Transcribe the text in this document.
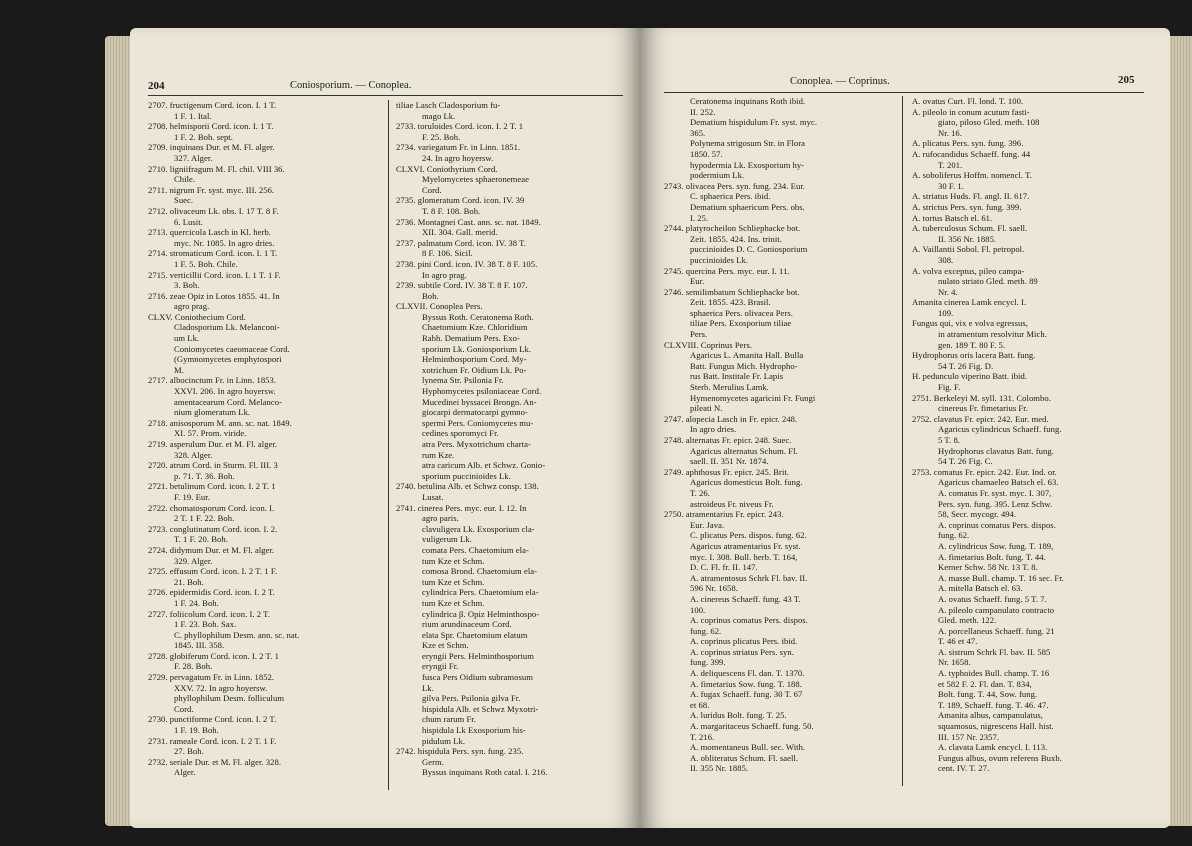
204	Coniosporium. — Conoplea.

2707. fructigenum Cord. icon. I. 1 T.

1 F. 1. Ital.

2708. helmisporii Cord. icon. I. 1 T.

1 F. 2. Boh. sept.

2709. inquinans Dur. et M. Fl. alger.

327. Alger.

2710. ligniifragum M. Fl. chil. VIII 36.

Chile.

2711. nigrum Fr. syst. myc. III. 256.

Suec.

2712. olivaceum Lk. obs. I. 17 T. 8 F.

6. Lusit.

2713. quercicola Lasch in Kl. herb.

myc. Nr. 1085. In agro dries.

2714. stromaticum Cord. icon. I. 1 T.

1 F. 5. Boh. Chile.

2715. verticillii Cord. icon. I. 1 T. 1 F.

3. Boh.

2716. zeae Opiz in Lotos 1855. 41. In

agro prag.

CLXV. Coniothecium Cord.

Cladosporium Lk. Melanconi-

um Lk.

Coniomycetes caeomaceae Cord.

(Gymnomycetes emphytospori

M.

2717. albocinctum Fr. in Linn. 1853.

XXVI. 206. In agro hoyersw.

amentacearum Cord. Melanco-

nium glomeratum Lk.

2718. anisosporum M. ann. sc. nat. 1849.

XI. 57. Prom. viride.

2719. asperulum Dur. et M. Fl. alger.

328. Alger.

2720. atrum Cord. in Sturm. Fl. III. 3

p. 71. T. 36. Boh.

2721. betulinum Cord. icon. I. 2 T. 1

F. 19. Eur.

2722. chomatosporum Cord. icon. I.

2 T. 1 F. 22. Boh.

2723. conglutinatum Cord. icon. I. 2.

T. 1 F. 20. Boh.

2724. didymum Dur. et M. Fl. alger.

329. Alger.

2725. effusum Cord. icon. I. 2 T. 1 F.

21. Boh.

2726. epidermidis Cord. icon. I. 2 T.

1 F. 24. Boh.

2727. foliicolum Cord. icon. I. 2 T.

1 F. 23. Boh. Sax.

C. phyllophilum Desm. ann. sc. nat.

1845. III. 358.

2728. globiferum Cord. icon. I. 2 T. 1

F. 28. Boh.

2729. pervagatum Fr. in Linn. 1852.

XXV. 72. In agro hoyersw.

phyllophilum Desm. folliculum

Cord.

2730. punctiforme Cord. icon. I. 2 T.

1 F. 19. Boh.

2731. rameale Cord. icon. I. 2 T. 1 F.

27. Boh.

2732. seriale Dur. et M. Fl. alger. 328.

Alger.

tiliae Lasch Cladosporium fu-

mago Lk.

2733. toruloides Cord. icon. I. 2 T. 1

F. 25. Boh.

2734. variegatum Fr. in Linn. 1851.

24. In agro hoyersw.

CLXVI. Coniothyrium Cord.

Myelomycetes sphaeronemeae

Cord.

2735. glomeratum Cord. icon. IV. 39

T. 8 F. 108. Boh.

2736. Montagnei Cast. ann. sc. nat. 1849.

XII. 304. Gall. merid.

2737. palmatum Cord. icon. IV. 38 T.

8 F. 106. Sicil.

2738. pini Cord. icon. IV. 38 T. 8 F. 105.

In agro prag.

2739. subtile Cord. IV. 38 T. 8 F. 107.

Boh.

CLXVII. Conoplea Pers.

Byssus Roth. Ceratonema Roth.

Chaetomium Kze. Chloridium

Rabh. Dematium Pers. Exo-

sporium Lk. Goniosporium Lk.

Helminthosporium Cord. My-

xotrichum Fr. Oidium Lk. Po-

lynema Str. Psilonia Fr.

Hyphomycetes psiloniaceae Cord.

Mucedinei byssacei Brongn. An-

giocarpi dermatocarpi gymno-

spermi Pers. Coniomycetes mu-

cedines sporomyci Fr.

atra Pers. Myxotrichum charta-

rum Kze.

atra caricum Alb. et Schwz. Gonio-

sporium puccinioides Lk.

2740. betulina Alb. et Schwz consp. 138.

Lusat.

2741. cinerea Pers. myc. eur. I. 12. In

agro paris.

clavuligera Lk. Exosporium cla-

vuligerum Lk.

comata Pers. Chaetomium ela-

tum Kze et Schm.

comosa Brond. Chaetomium ela-

tum Kze et Schm.

cylindrica Pers. Chaetomium ela-

tum Kze et Schm.

cylindrica β. Opiz Helminthospo-

rium arundinaceum Cord.

elata Spr. Chaetomium elatum

Kze et Schm.

eryngii Pers. Helminthosporium

eryngii Fr.

fusca Pers Oidium subramosum

Lk.

gilva Pers. Psilonia gilva Fr.

hispidula Alb. et Schwz Myxotri-

chum rarum Fr.

hispidula Lk Exosporium his-

pidulum Lk.

2742. hispidula Pers. syn. fung. 235.

Germ.

Byssus inquinans Roth catal. I. 216.

Conoplea. — Coprinus.	205

Ceratonema inquinans Roth ibid.

II. 252.

Dematium hispidulum Fr. syst. myc.

365.

Polynema strigosum Str. in Flora

1850. 57.

hypodermia Lk. Exosporium hy-

podermium Lk.

2743. olivacea Pers. syn. fung. 234. Eur.

C. sphaerica Pers. ibid.

Dematium sphaericum Pers. obs.

I. 25.

2744. platyrocheilon Schliephacke bot.

Zeit. 1855. 424. Ins. trinit.

puccinioides D. C. Goniosporium

puccinioides Lk.

2745. quercina Pers. myc. eur. I. 11.

Eur.

2746. semilimbatum Schliephacke bot.

Zeit. 1855. 423. Brasil.

sphaerica Pers. olivacea Pers.

tiliae Pers. Exosporium tiliae

Pers.

CLXVIII. Coprinus Pers.

Agaricus L. Amanita Hall. Bulla

Batt. Fungus Mich. Hydropho-

rus Batt. Institale Fr. Lapis

Sterb. Merulius Lamk.

Hymenomycetes agaricini Fr. Fungi

pileati N.

2747. alopecia Lasch in Fr. epicr. 248.

In agro dries.

2748. alternatus Fr. epicr. 248. Suec.

Agaricus alternatus Schum. Fl.

saell. II. 351 Nr. 1874.

2749. aphthosus Fr. epicr. 245. Brit.

Agaricus domesticus Bolt. fung.

T. 26.

astroideus Fr. niveus Fr.

2750. atramentarius Fr. epicr. 243.

Eur. Java.

C. plicatus Pers. dispos. fung. 62.

Agaricus atramentarius Fr. syst.

myc. I. 308. Bull. herb. T. 164,

D. C. Fl. fr. II. 147.

A. atramentosus Schrk Fl. bav. II.

596 Nr. 1658.

A. cinereus Schaeff. fung. 43 T.

100.

A. coprinus comatus Pers. dispos.

fung. 62.

A. coprinus plicatus Pers. ibid.

A. coprinus striatus Pers. syn.

fung. 399.

A. deliquescens Fl. dan. T. 1370.

A. fimetarius Sow. fung. T. 188.

A. fugax Schaeff. fung. 30 T. 67

et 68.

A. luridus Bolt. fung. T. 25.

A. margaritaceus Schaeff. fung. 50.

T. 216.

A. momentaneus Bull. sec. With.

A. obliteratus Schum. Fl. saell.

II. 355 Nr. 1885.

A. ovatus Curt. Fl. lond. T. 100.

A. pileolo in conum acutum fasti-

giato, piloso Gled. meth. 108

Nr. 16.

A. plicatus Pers. syn. fung. 396.

A. rufocandidus Schaeff. fung. 44

T. 201.

A. soboliferus Hoffm. nomencl. T.

30 F. 1.

A. striatus Huds. Fl. angl. II. 617.

A. strictus Pers. syn. fung. 399.

A. tortus Batsch el. 61.

A. tuberculosus Schum. Fl. saell.

II. 356 Nr. 1885.

A. Vaillantii Sobol. Fl. petropol.

308.

A. volva exceptus, pileo campa-

nulato striato Gled. meth. 89

Nr. 4.

Amanita cinerea Lamk encycl. I.

109.

Fungus qui, vix e volva egressus,

in atramentum resolvitur Mich.

gen. 189 T. 80 F. 5.

Hydrophorus oris lacera Batt. fung.

54 T. 26 Fig. D.

H. pedunculo viperino Batt. ibid.

Fig. F.

2751. Berkeleyi M. syll. 131. Colombo.

cinereus Fr. fimetarius Fr.

2752. clavatus Fr. epicr. 242. Eur. med.

Agaricus cylindricus Schaeff. fung.

5 T. 8.

Hydrophorus clavatus Batt. fung.

54 T. 26 Fig. C.

2753. comatus Fr. epicr. 242. Eur. Ind. or.

Agaricus chamaeleo Batsch el. 63.

A. comatus Fr. syst. myc. I. 307,

Pers. syn. fung. 395. Lenz Schw.

58, Secr. mycogr. 494.

A. coprinus comatus Pers. dispos.

fung. 62.

A. cylindricus Sow. fung. T. 189,

A. fimetarius Bolt. fung. T. 44.

Kerner Schw. 58 Nr. 13 T. 8.

A. masse Bull. champ. T. 16 sec. Fr.

A. mitella Batsch el. 63.

A. ovatus Schaeff. fung. 5 T. 7.

A. pileolo campanulato contracto

Gled. meth. 122.

A. porcellaneus Schaeff. fung. 21

T. 46 et 47.

A. sistrum Schrk Fl. bav. II. 585

Nr. 1658.

A. typhoides Bull. champ. T. 16

et 582 F. 2. Fl. dan. T. 834,

Bolt. fung. T. 44, Sow. fung.

T. 189, Schaeff. fung. T. 46. 47.

Amanita albus, campanulatus,

squamosus, nigrescens Hall. hist.

III. 157 Nr. 2357.

A. clavata Lamk encycl. I. 113.

Fungus albus, ovum referens Buxb.

cent. IV. T. 27.
